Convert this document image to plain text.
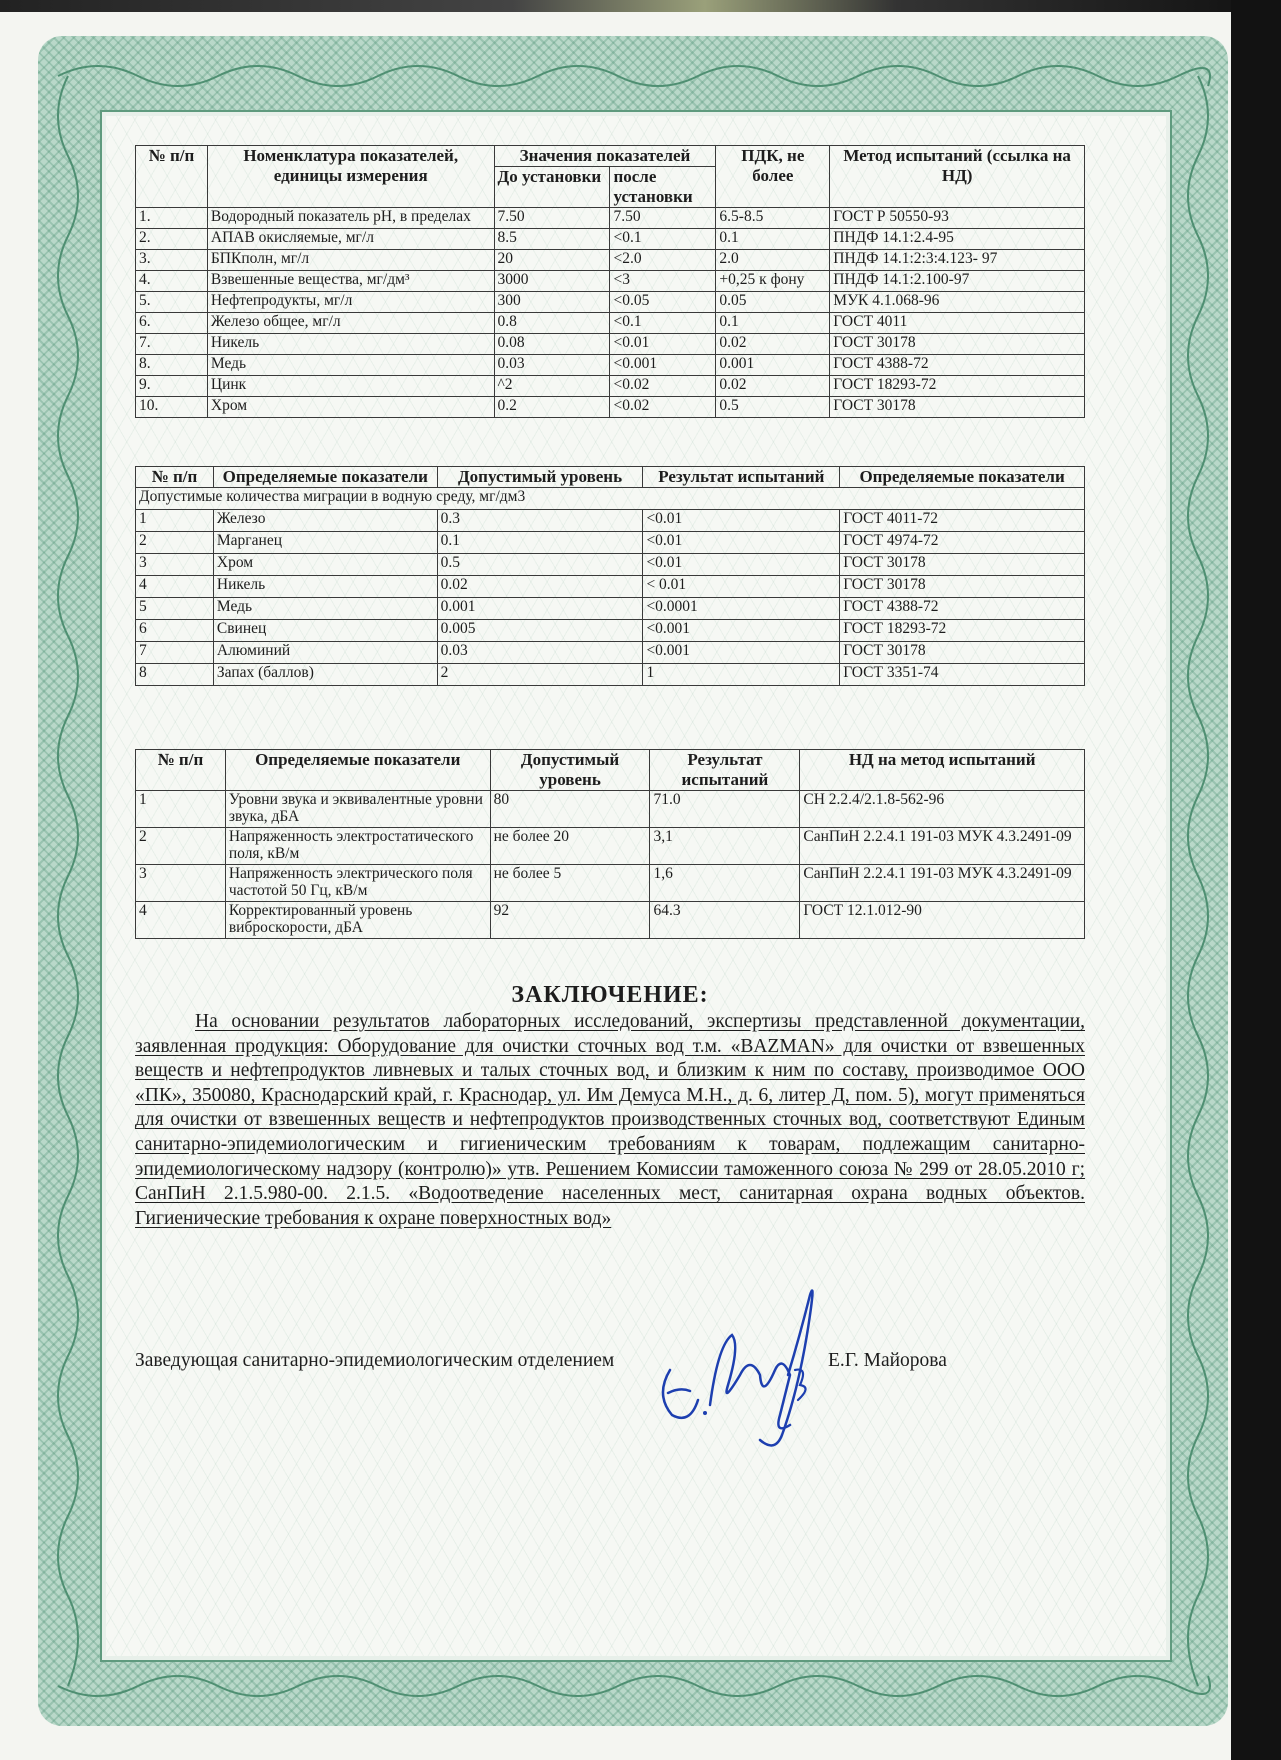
№ п/п	Номенклатура показателей, единицы измерения	Значения показателей		ПДК, не более	Метод испытаний (ссылка на НД)
		До установки	после установки		
1.	Водородный показатель рН, в пределах	7.50	7.50	6.5-8.5	ГОСТ Р 50550-93
2.	АПАВ окисляемые, мг/л	8.5	<0.1	0.1	ПНДФ 14.1:2.4-95
3.	БПКполн, мг/л	20	<2.0	2.0	ПНДФ 14.1:2:3:4.123- 97
4.	Взвешенные вещества, мг/дм³	3000	<3	+0,25 к фону	ПНДФ 14.1:2.100-97
5.	Нефтепродукты, мг/л	300	<0.05	0.05	МУК 4.1.068-96
6.	Железо общее, мг/л	0.8	<0.1	0.1	ГОСТ 4011
7.	Никель	0.08	<0.01	0.02	ГОСТ 30178
8.	Медь	0.03	<0.001	0.001	ГОСТ 4388-72
9.	Цинк	^2	<0.02	0.02	ГОСТ 18293-72
10.	Хром	0.2	<0.02	0.5	ГОСТ 30178
№ п/п	Определяемые показатели	Допустимый уровень	Результат испытаний	Определяемые показатели
Допустимые количества миграции в водную среду, мг/дм3				
1	Железо	0.3	<0.01	ГОСТ 4011-72
2	Марганец	0.1	<0.01	ГОСТ 4974-72
3	Хром	0.5	<0.01	ГОСТ 30178
4	Никель	0.02	< 0.01	ГОСТ 30178
5	Медь	0.001	<0.0001	ГОСТ 4388-72
6	Свинец	0.005	<0.001	ГОСТ 18293-72
7	Алюминий	0.03	<0.001	ГОСТ 30178
8	Запах (баллов)	2	1	ГОСТ 3351-74
№ п/п	Определяемые показатели	Допустимый уровень	Результат испытаний	НД на метод испытаний
1	Уровни звука и эквивалентные уровни звука, дБА	80	71.0	СН 2.2.4/2.1.8-562-96
2	Напряженность электростатического поля, кВ/м	не более 20	3,1	СанПиН 2.2.4.1 191-03 МУК 4.3.2491-09
3	Напряженность электрического поля частотой 50 Гц, кВ/м	не более 5	1,6	СанПиН 2.2.4.1 191-03 МУК 4.3.2491-09
4	Корректированный уровень виброскорости, дБА	92	64.3	ГОСТ 12.1.012-90
ЗАКЛЮЧЕНИЕ:
На основании результатов лабораторных исследований, экспертизы представленной документации, заявленная продукция: Оборудование для очистки сточных вод т.м. «BAZMAN» для очистки от взвешенных веществ и нефтепродуктов ливневых и талых сточных вод, и близким к ним по составу, производимое ООО «ПК», 350080, Краснодарский край, г. Краснодар, ул. Им Демуса М.Н., д. 6, литер Д, пом. 5), могут применяться для очистки от взвешенных веществ и нефтепродуктов производственных сточных вод, соответствуют Единым санитарно-эпидемиологическим и гигиеническим требованиям к товарам, подлежащим санитарно-эпидемиологическому надзору (контролю)» утв. Решением Комиссии таможенного союза № 299 от 28.05.2010 г; СанПиН 2.1.5.980-00. 2.1.5. «Водоотведение населенных мест, санитарная охрана водных объектов. Гигиенические требования к охране поверхностных вод»
Заведующая санитарно-эпидемиологическим отделением	Е.Г. Майорова
